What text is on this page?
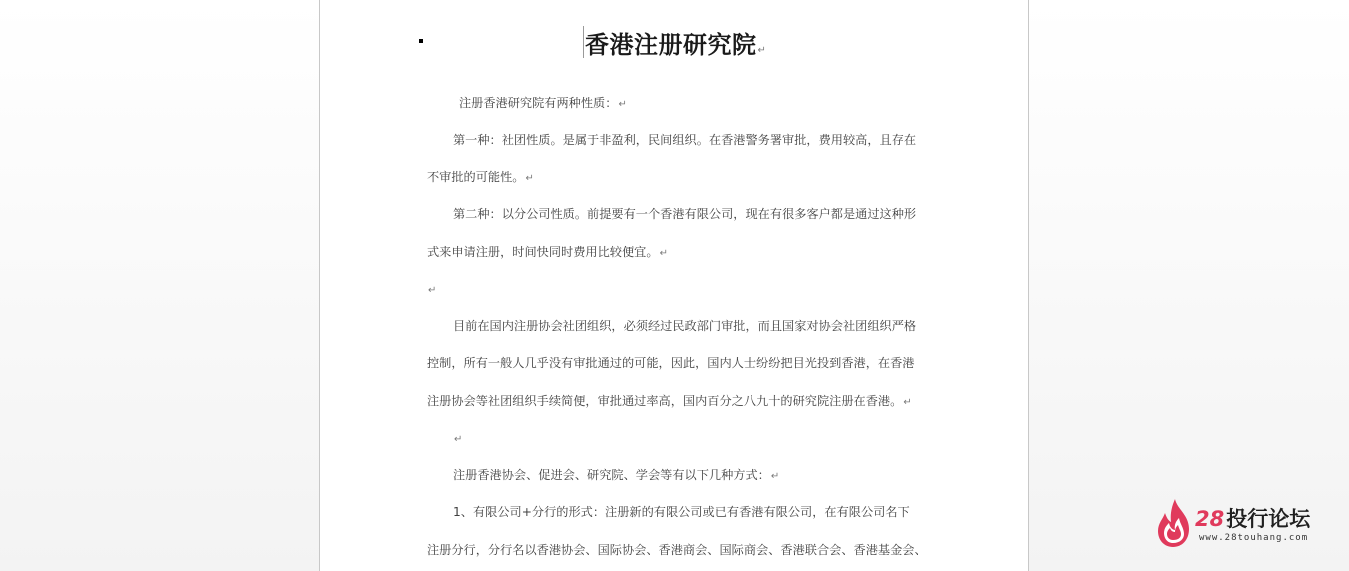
香港注册研究院↵
注册香港研究院有两种性质：↵
第一种：社团性质。是属于非盈利，民间组织。在香港警务署审批，费用较高，且存在
不审批的可能性。↵
第二种：以分公司性质。前提要有一个香港有限公司，现在有很多客户都是通过这种形
式来申请注册，时间快同时费用比较便宜。↵
↵
目前在国内注册协会社团组织，必须经过民政部门审批，而且国家对协会社团组织严格
控制，所有一般人几乎没有审批通过的可能，因此，国内人士纷纷把目光投到香港，在香港
注册协会等社团组织手续简便，审批通过率高，国内百分之八九十的研究院注册在香港。↵
↵
注册香港协会、促进会、研究院、学会等有以下几种方式：↵
1、有限公司+分行的形式：注册新的有限公司或已有香港有限公司，在有限公司名下
注册分行，分行名以香港协会、国际协会、香港商会、国际商会、香港联合会、香港基金会、
28投行论坛
www.28touhang.com
